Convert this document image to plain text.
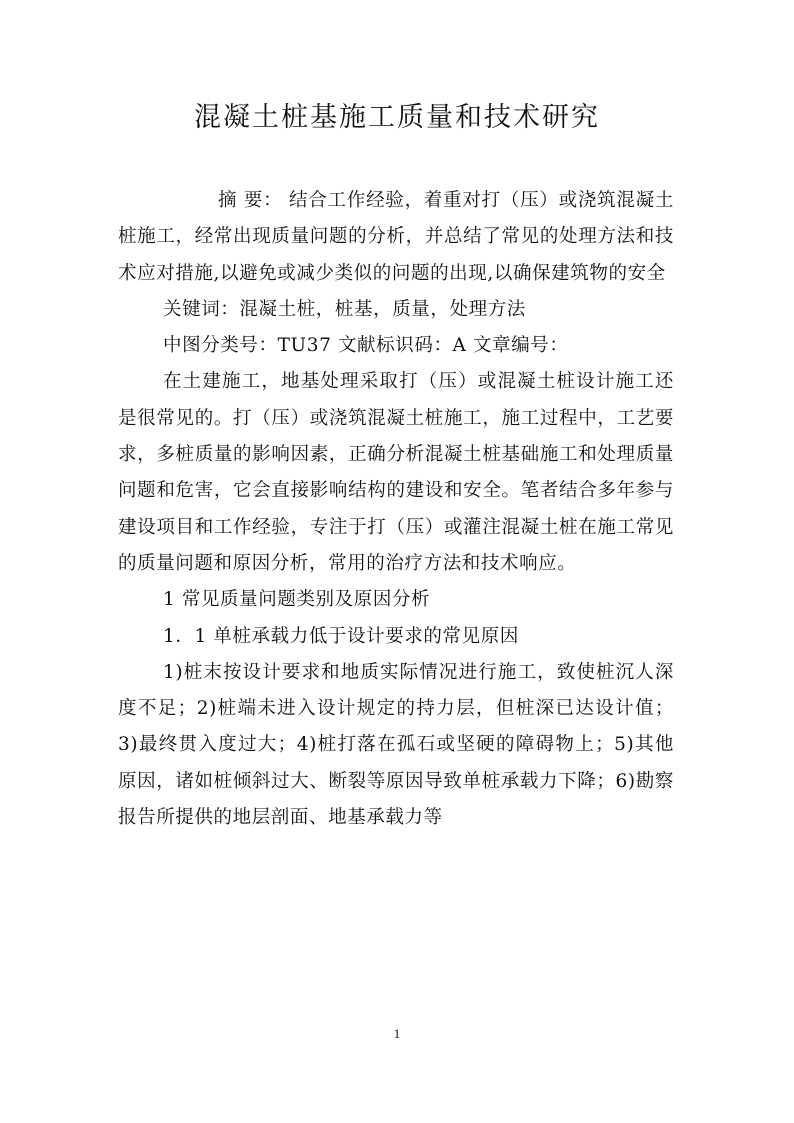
混凝土桩基施工质量和技术研究

摘 要： 结合工作经验，着重对打（压）或浇筑混凝土桩施工，经常出现质量问题的分析，并总结了常见的处理方法和技术应对措施,以避免或减少类似的问题的出现,以确保建筑物的安全

关键词：混凝土桩，桩基，质量，处理方法

中图分类号：TU37 文献标识码：A 文章编号：

在土建施工，地基处理采取打（压）或混凝土桩设计施工还是很常见的。打（压）或浇筑混凝土桩施工，施工过程中，工艺要求，多桩质量的影响因素，正确分析混凝土桩基础施工和处理质量问题和危害，它会直接影响结构的建设和安全。笔者结合多年参与建设项目和工作经验，专注于打（压）或灌注混凝土桩在施工常见的质量问题和原因分析，常用的治疗方法和技术响应。

1 常见质量问题类别及原因分析

1．1 单桩承载力低于设计要求的常见原因

1)桩末按设计要求和地质实际情况进行施工，致使桩沉人深度不足；2)桩端未进入设计规定的持力层，但桩深已达设计值；3)最终贯入度过大；4)桩打落在孤石或坚硬的障碍物上；5)其他原因，诸如桩倾斜过大、断裂等原因导致单桩承载力下降；6)勘察报告所提供的地层剖面、地基承载力等

1
